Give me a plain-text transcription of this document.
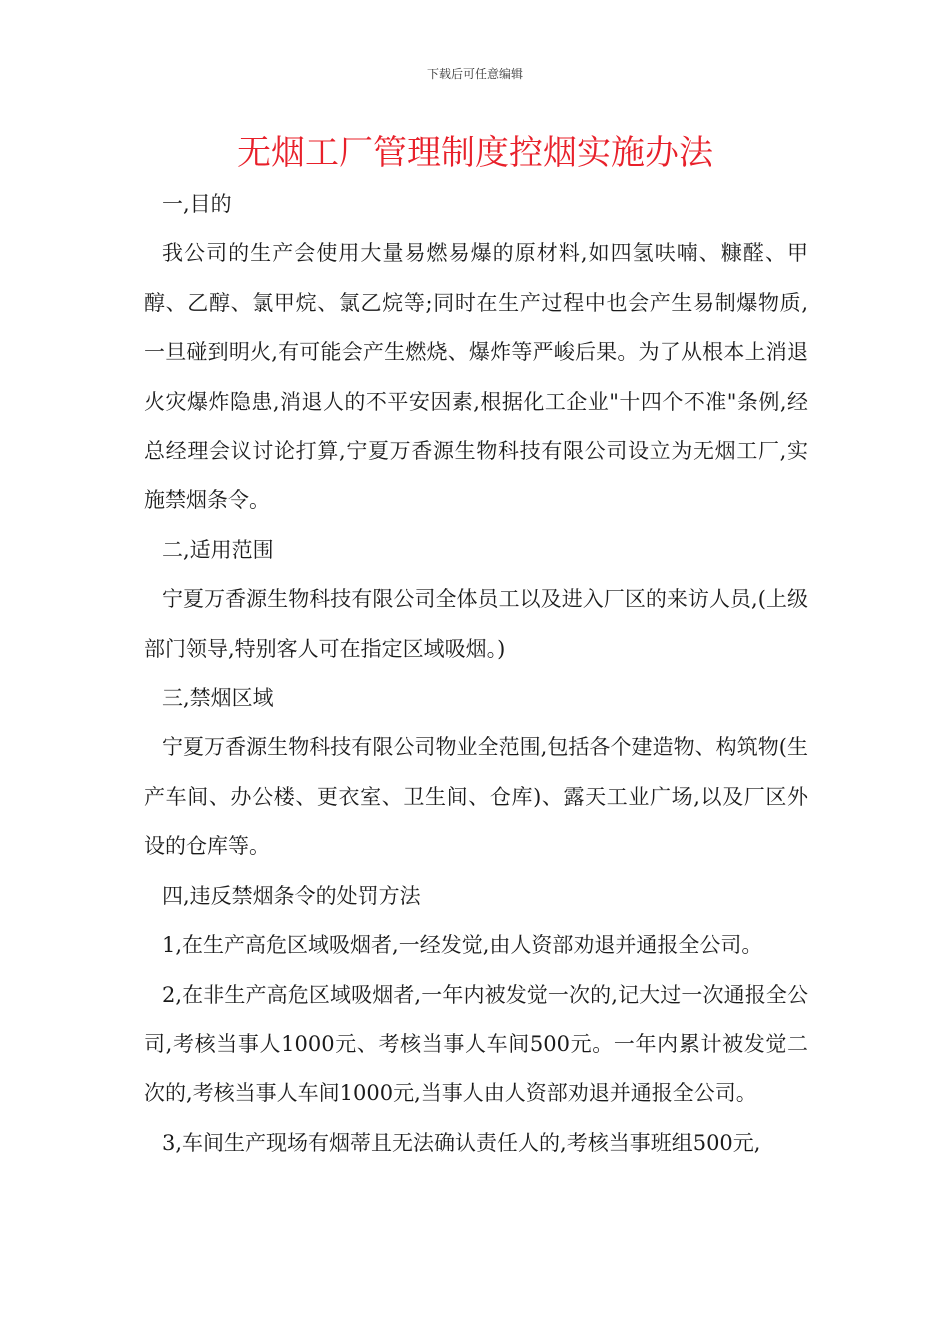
下载后可任意编辑
无烟工厂管理制度控烟实施办法

一,目的

我公司的生产会使用大量易燃易爆的原材料,如四氢呋喃、糠醛、甲醇、乙醇、氯甲烷、氯乙烷等;同时在生产过程中也会产生易制爆物质,一旦碰到明火,有可能会产生燃烧、爆炸等严峻后果。为了从根本上消退火灾爆炸隐患,消退人的不平安因素,根据化工企业"十四个不准"条例,经总经理会议讨论打算,宁夏万香源生物科技有限公司设立为无烟工厂,实施禁烟条令。

二,适用范围

宁夏万香源生物科技有限公司全体员工以及进入厂区的来访人员,(上级部门领导,特别客人可在指定区域吸烟。)

三,禁烟区域

宁夏万香源生物科技有限公司物业全范围,包括各个建造物、构筑物(生产车间、办公楼、更衣室、卫生间、仓库)、露天工业广场,以及厂区外设的仓库等。

四,违反禁烟条令的处罚方法

1,在生产高危区域吸烟者,一经发觉,由人资部劝退并通报全公司。

2,在非生产高危区域吸烟者,一年内被发觉一次的,记大过一次通报全公司,考核当事人1000元、考核当事人车间500元。一年内累计被发觉二次的,考核当事人车间1000元,当事人由人资部劝退并通报全公司。

3,车间生产现场有烟蒂且无法确认责任人的,考核当事班组500元,
